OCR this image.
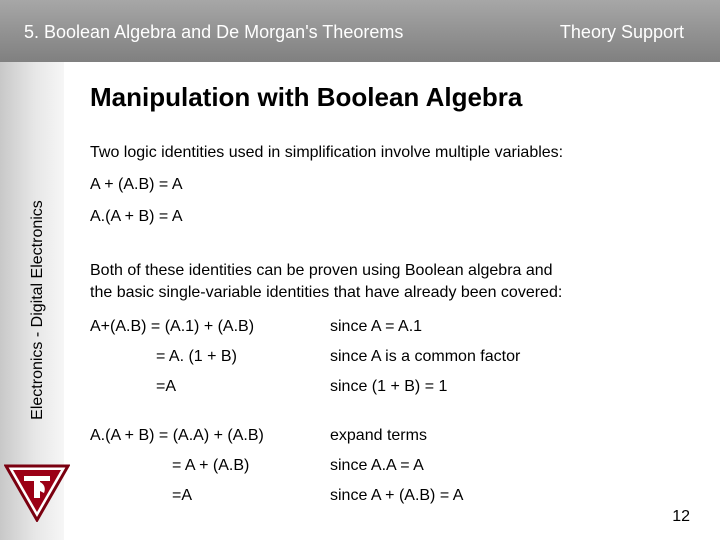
5. Boolean Algebra and De Morgan's Theorems	Theory Support
Electronics - Digital Electronics
Manipulation with Boolean Algebra
Two logic identities used in simplification involve multiple variables:
A + (A.B) = A
A.(A + B) = A
Both of these identities can be proven using Boolean algebra and
the basic single-variable identities that have already been covered:
A+(A.B) = (A.1) + (A.B)	since A = A.1
= A. (1 + B)	since A is a common factor
=A	since (1 + B) = 1
A.(A + B) = (A.A) + (A.B)	expand terms
= A + (A.B)	since A.A = A
=A	since A + (A.B) = A
12
